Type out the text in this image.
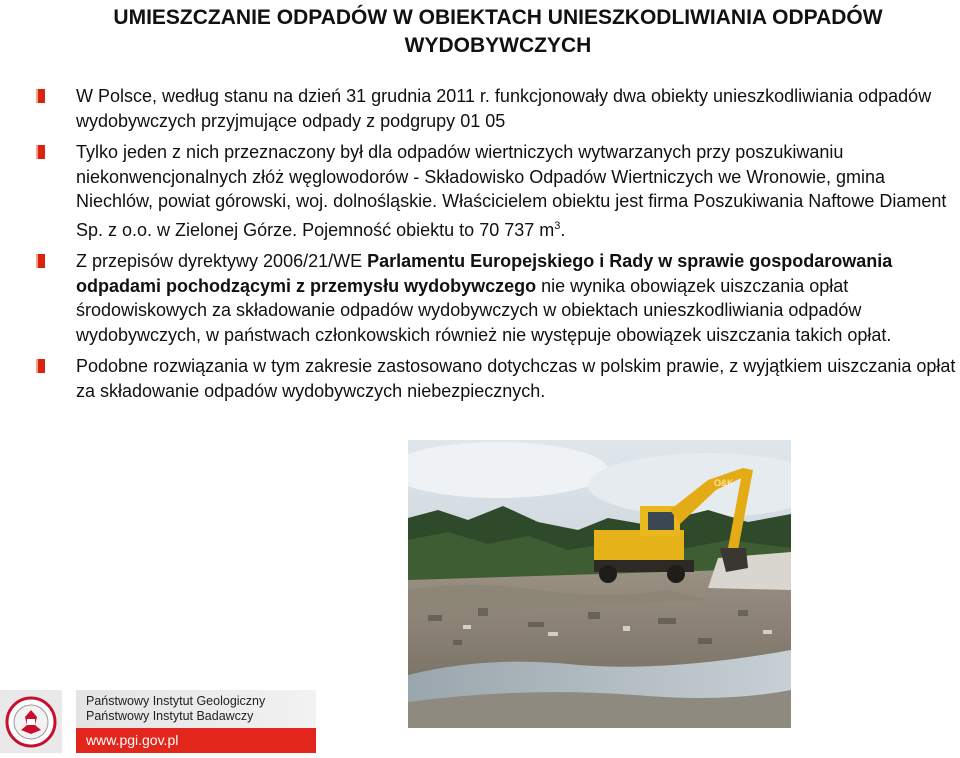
UMIESZCZANIE ODPADÓW W OBIEKTACH UNIESZKODLIWIANIA ODPADÓW WYDOBYWCZYCH
W Polsce, według stanu na dzień 31 grudnia 2011 r. funkcjonowały dwa obiekty unieszkodliwiania odpadów wydobywczych przyjmujące odpady z podgrupy 01 05
Tylko jeden z nich przeznaczony był dla odpadów wiertniczych wytwarzanych przy poszukiwaniu niekonwencjonalnych złóż węglowodorów - Składowisko Odpadów Wiertniczych we Wronowie, gmina Niechlów, powiat górowski, woj. dolnośląskie. Właścicielem obiektu jest firma Poszukiwania Naftowe Diament Sp. z o.o. w Zielonej Górze. Pojemność obiektu to 70 737 $m^3$.
Z przepisów dyrektywy 2006/21/WE Parlamentu Europejskiego i Rady w sprawie gospodarowania odpadami pochodzącymi z przemysłu wydobywczego nie wynika obowiązek uiszczania opłat środowiskowych za składowanie odpadów wydobywczych w obiektach unieszkodliwiania odpadów wydobywczych, w państwach członkowskich również nie występuje obowiązek uiszczania takich opłat.
Podobne rozwiązania w tym zakresie zastosowano dotychczas w polskim prawie, z wyjątkiem uiszczania opłat za składowanie odpadów wydobywczych niebezpiecznych.
O&K
Państwowy Instytut Geologiczny
Państwowy Instytut Badawczy
www.pgi.gov.pl
